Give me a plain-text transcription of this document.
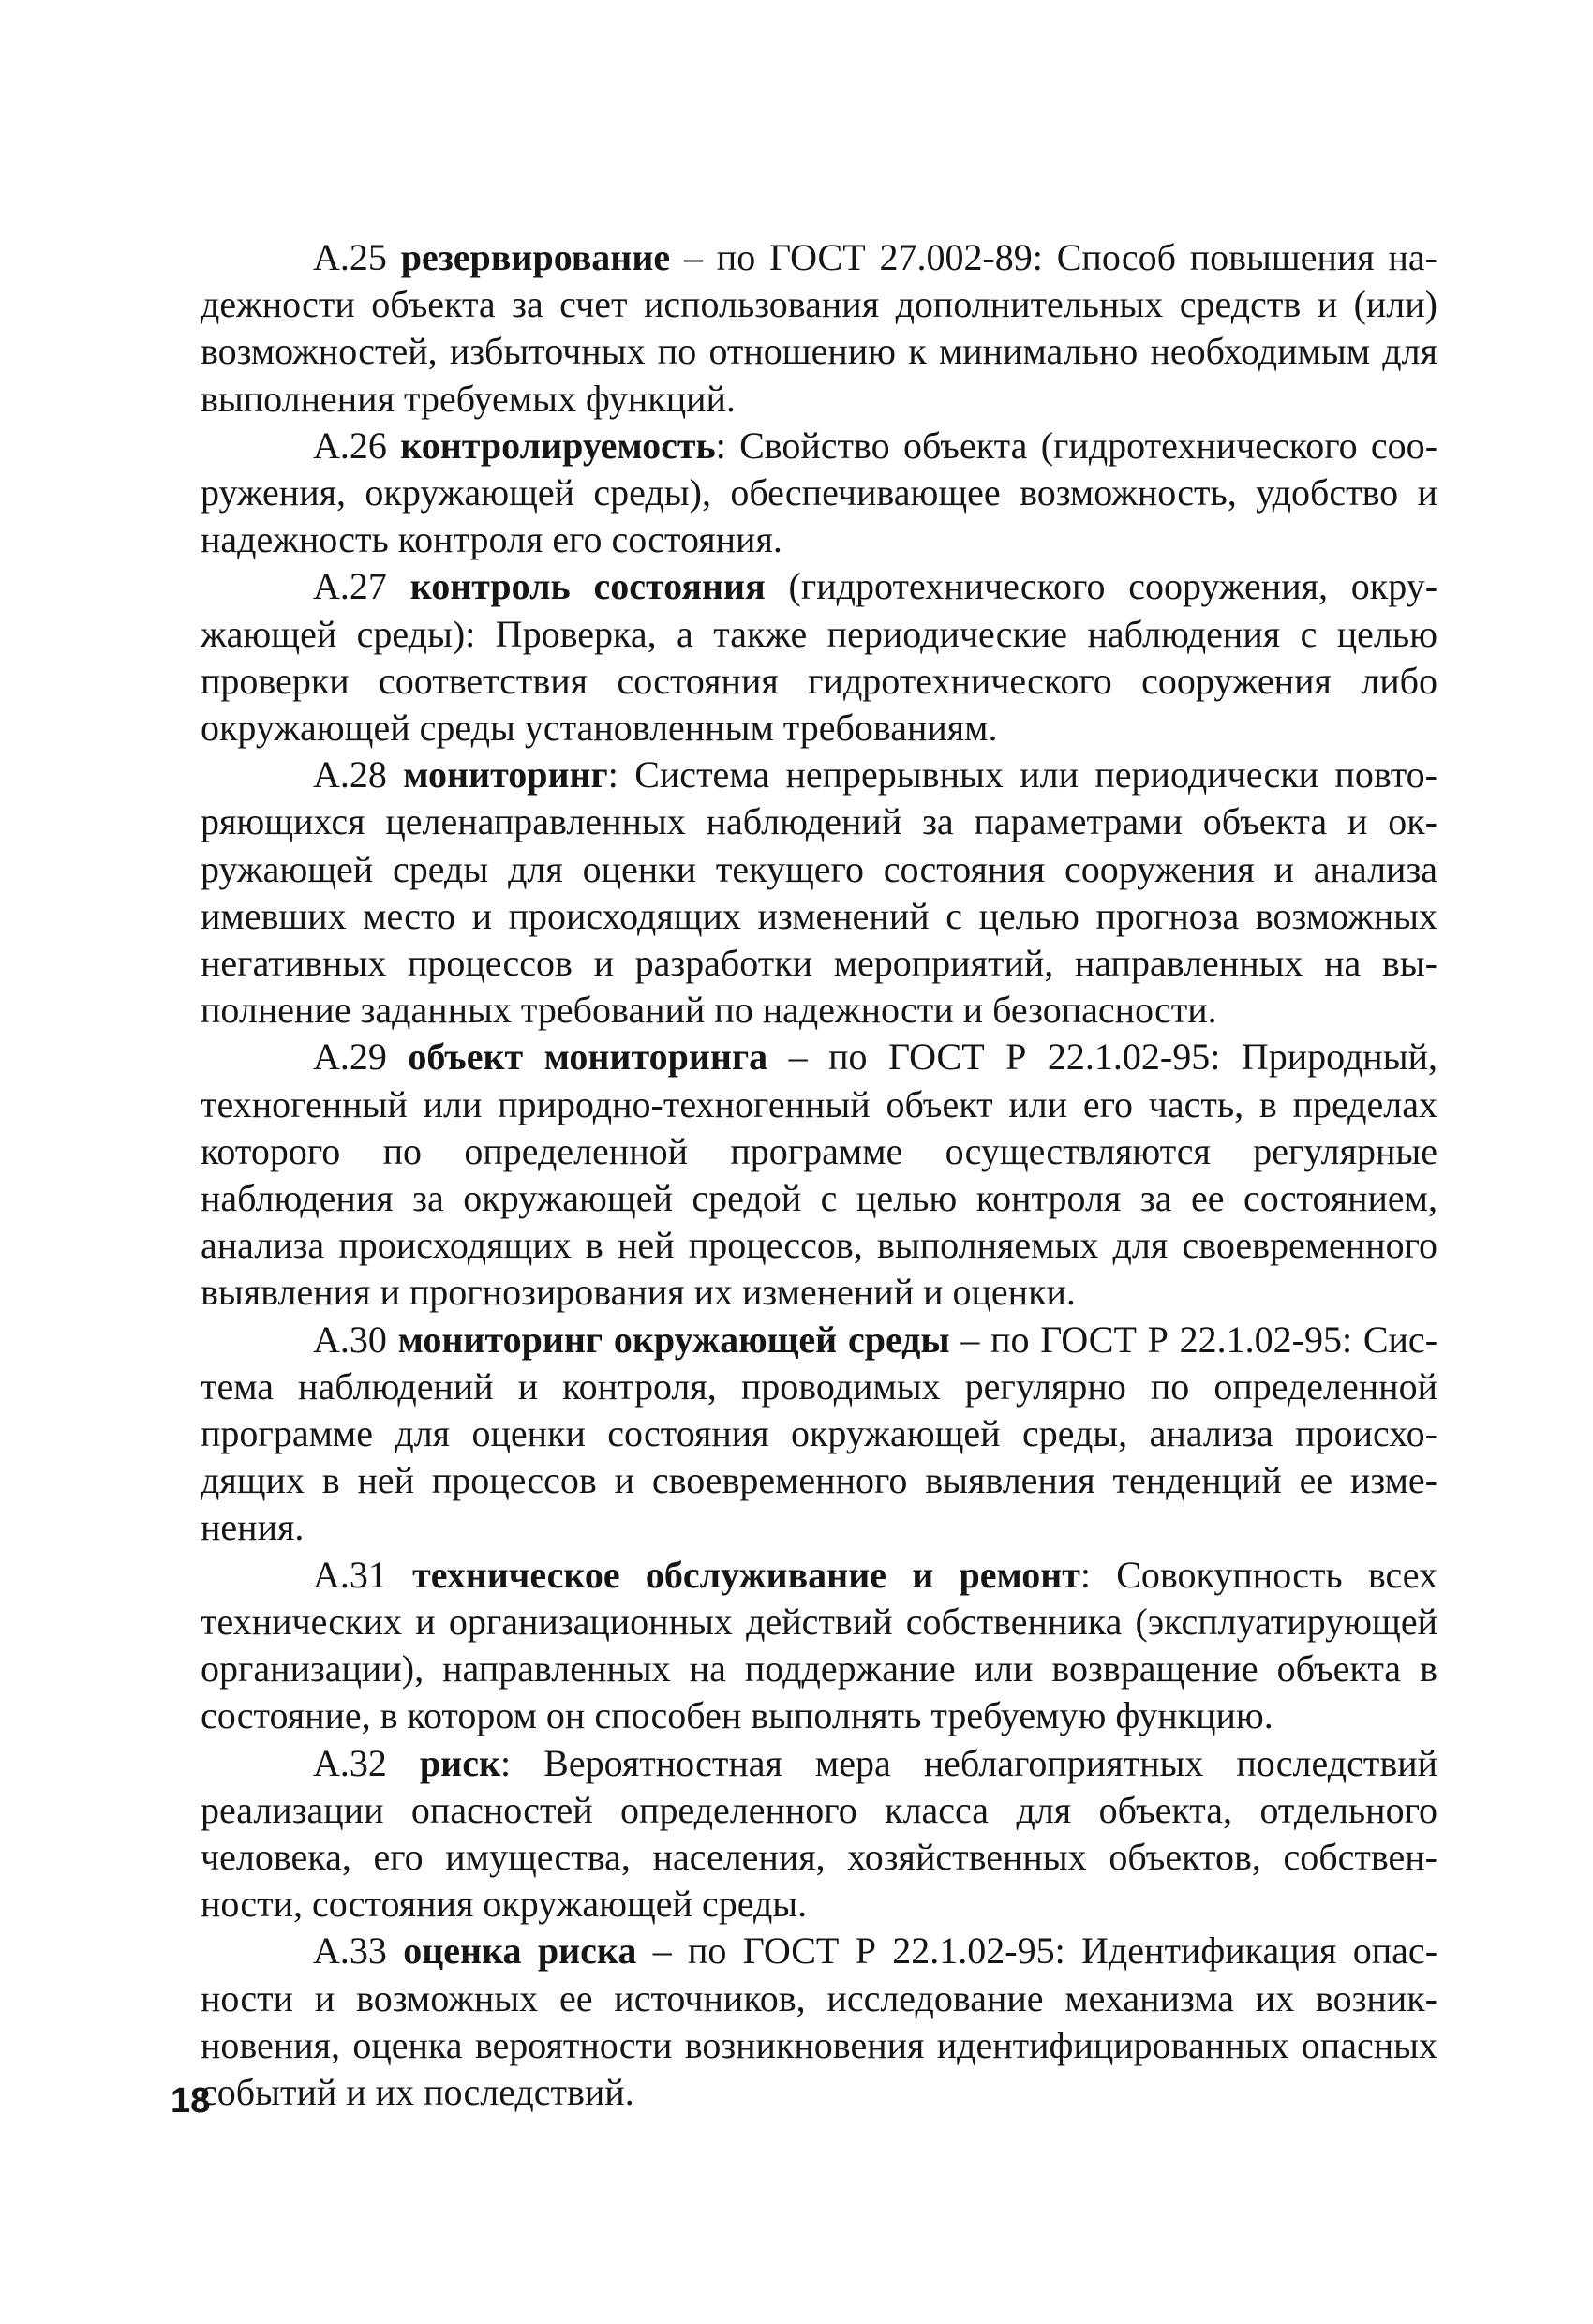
А.25 резервирование – по ГОСТ 27.002-89: Способ повышения надежности объекта за счет использования дополнительных средств и (или) возможностей, избыточных по отношению к минимально необходимым для выполнения требуемых функций.

А.26 контролируемость: Свойство объекта (гидротехнического сооружения, окружающей среды), обеспечивающее возможность, удобство и надежность контроля его состояния.

А.27 контроль состояния (гидротехнического сооружения, окружающей среды): Проверка, а также периодические наблюдения с целью проверки соответствия состояния гидротехнического сооружения либо окружающей среды установленным требованиям.

А.28 мониторинг: Система непрерывных или периодически повторяющихся целенаправленных наблюдений за параметрами объекта и окружающей среды для оценки текущего состояния сооружения и анализа имевших место и происходящих изменений с целью прогноза возможных негативных процессов и разработки мероприятий, направленных на выполнение заданных требований по надежности и безопасности.

А.29 объект мониторинга – по ГОСТ Р 22.1.02-95: Природный, техногенный или природно-техногенный объект или его часть, в пределах которого по определенной программе осуществляются регулярные наблюдения за окружающей средой с целью контроля за ее состоянием, анализа происходящих в ней процессов, выполняемых для своевременного выявления и прогнозирования их изменений и оценки.

А.30 мониторинг окружающей среды – по ГОСТ Р 22.1.02-95: Система наблюдений и контроля, проводимых регулярно по определенной программе для оценки состояния окружающей среды, анализа происходящих в ней процессов и своевременного выявления тенденций ее изменения.

А.31 техническое обслуживание и ремонт: Совокупность всех технических и организационных действий собственника (эксплуатирующей организации), направленных на поддержание или возвращение объекта в состояние, в котором он способен выполнять требуемую функцию.

А.32 риск: Вероятностная мера неблагоприятных последствий реализации опасностей определенного класса для объекта, отдельного человека, его имущества, населения, хозяйственных объектов, собственности, состояния окружающей среды.

А.33 оценка риска – по ГОСТ Р 22.1.02-95: Идентификация опасности и возможных ее источников, исследование механизма их возникновения, оценка вероятности возникновения идентифицированных опасных событий и их последствий.

18
